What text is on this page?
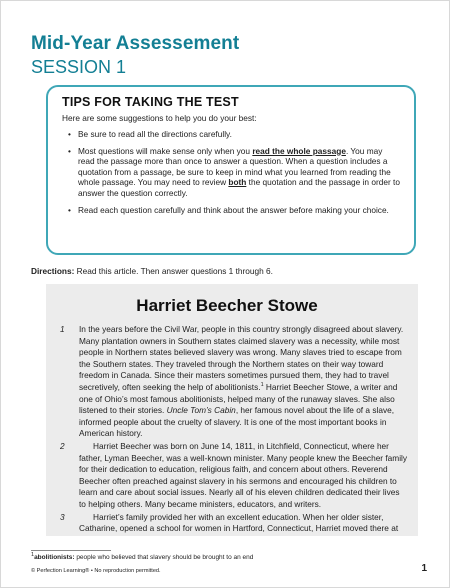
Mid-Year Assessement
SESSION 1
TIPS FOR TAKING THE TEST

Here are some suggestions to help you do your best:

• Be sure to read all the directions carefully.
• Most questions will make sense only when you read the whole passage. You may read the passage more than once to answer a question. When a question includes a quotation from a passage, be sure to keep in mind what you learned from reading the whole passage. You may need to review both the quotation and the passage in order to answer the question correctly.
• Read each question carefully and think about the answer before making your choice.
Directions: Read this article. Then answer questions 1 through 6.
Harriet Beecher Stowe
1 In the years before the Civil War, people in this country strongly disagreed about slavery. Many plantation owners in Southern states claimed slavery was a necessity, while most people in Northern states believed slavery was wrong. Many slaves tried to escape from the Southern states. They traveled through the Northern states on their way toward freedom in Canada. Since their masters sometimes pursued them, they had to travel secretively, often seeking the help of abolitionists.$^1$ Harriet Beecher Stowe, a writer and one of Ohio’s most famous abolitionists, helped many of the runaway slaves. She also listened to their stories. Uncle Tom’s Cabin, her famous novel about the life of a slave, informed people about the cruelty of slavery. It is one of the most important books in American history.
2	Harriet Beecher was born on June 14, 1811, in Litchfield, Connecticut, where her father, Lyman Beecher, was a well-known minister. Many people knew the Beecher family for their dedication to education, religious faith, and concern about others. Reverend Beecher often preached against slavery in his sermons and encouraged his children to learn and care about social issues. Nearly all of his eleven children dedicated their lives to helping others. Many became ministers, educators, and writers.
3	Harriet’s family provided her with an excellent education. When her older sister, Catharine, opened a school for women in Hartford, Connecticut, Harriet moved there at
$^1$abolitionists: people who believed that slavery should be brought to an end
© Perfection Learning® • No reproduction permitted.	1
